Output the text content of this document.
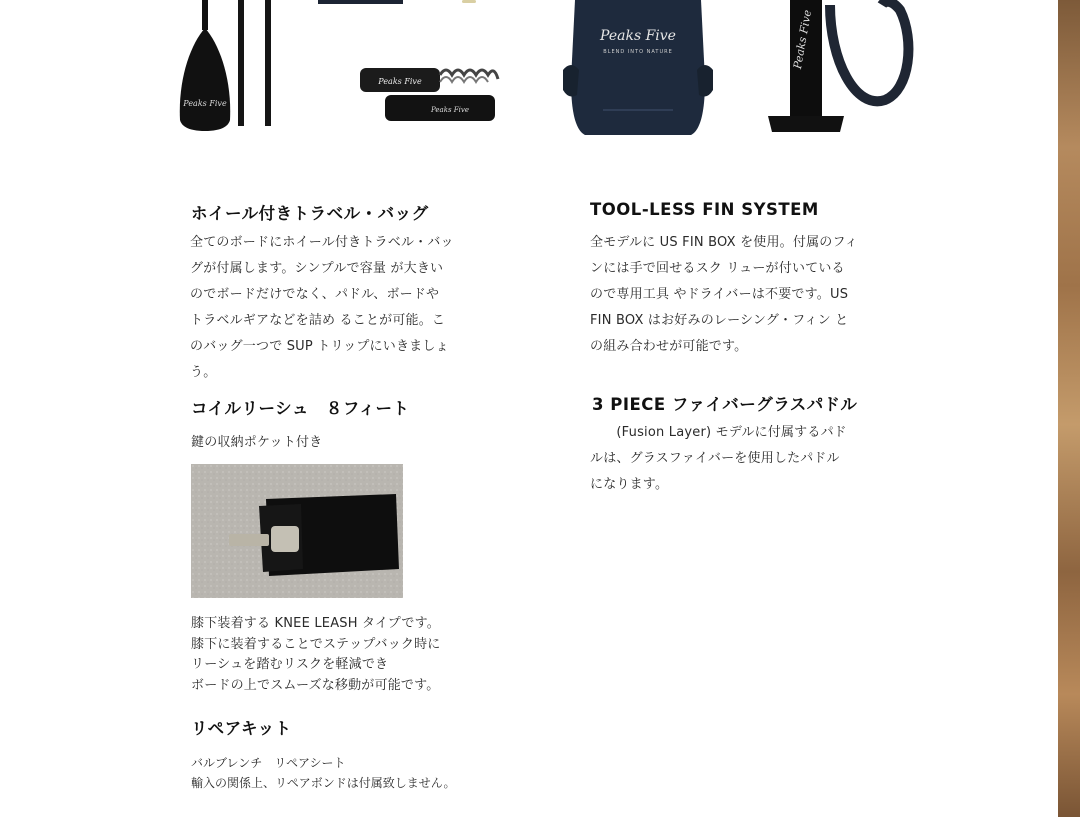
Peaks Five
Peaks Five
Peaks Five
Peaks Five
BLEND INTO NATURE	Peaks Five
ホイール付きトラベル・バッグ

全てのボードにホイール付きトラベル・バッ
グが付属します。シンプルで容量 が大きい
のでボードだけでなく、パドル、ボードや
トラベルギアなどを詰め ることが可能。こ
のバッグ一つで SUP トリップにいきましょ
う。

コイルリーシュ　８フィート

鍵の収納ポケット付き

膝下装着する KNEE LEASH タイプです。
膝下に装着することでステップバック時に
リーシュを踏むリスクを軽減でき
ボードの上でスムーズな移動が可能です。

リペアキット

バルブレンチ　リペアシート
輸入の関係上、リペアボンドは付属致しません。

TOOL-LESS FIN SYSTEM

全モデルに US FIN BOX を使用。付属のフィ
ンには手で回せるスク リューが付いている
ので専用工具 やドライバーは不要です。US
FIN BOX はお好みのレーシング・フィン と
の組み合わせが可能です。

3 PIECE ファイバーグラスパドル

　　(Fusion Layer) モデルに付属するパド
ルは、グラスファイバーを使用したパドル
になります。
